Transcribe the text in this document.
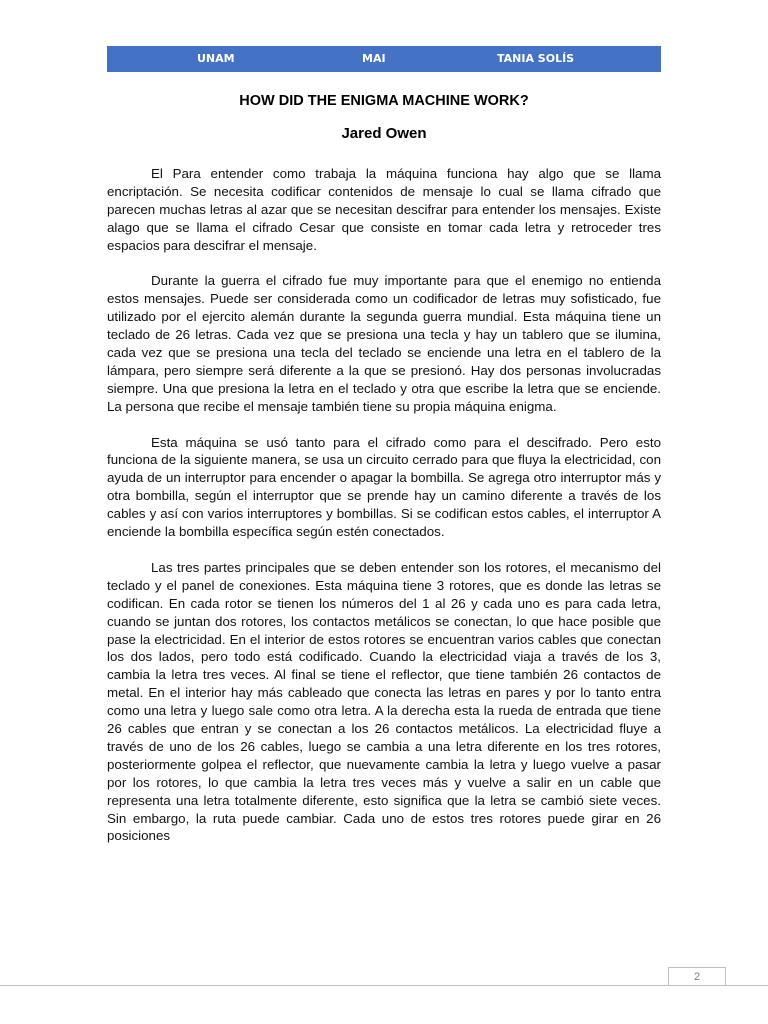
UNAM	MAI	TANIA SOLÍS
HOW DID THE ENIGMA MACHINE WORK?
Jared Owen

El Para entender como trabaja la máquina funciona hay algo que se llama encriptación. Se necesita codificar contenidos de mensaje lo cual se llama cifrado que parecen muchas letras al azar que se necesitan descifrar para entender los mensajes. Existe alago que se llama el cifrado Cesar que consiste en tomar cada letra y retroceder tres espacios para descifrar el mensaje.

Durante la guerra el cifrado fue muy importante para que el enemigo no entienda estos mensajes. Puede ser considerada como un codificador de letras muy sofisticado, fue utilizado por el ejercito alemán durante la segunda guerra mundial. Esta máquina tiene un teclado de 26 letras. Cada vez que se presiona una tecla y hay un tablero que se ilumina, cada vez que se presiona una tecla del teclado se enciende una letra en el tablero de la lámpara, pero siempre será diferente a la que se presionó. Hay dos personas involucradas siempre. Una que presiona la letra en el teclado y otra que escribe la letra que se enciende. La persona que recibe el mensaje también tiene su propia máquina enigma.

Esta máquina se usó tanto para el cifrado como para el descifrado. Pero esto funciona de la siguiente manera, se usa un circuito cerrado para que fluya la electricidad, con ayuda de un interruptor para encender o apagar la bombilla. Se agrega otro interruptor más y otra bombilla, según el interruptor que se prende hay un camino diferente a través de los cables y así con varios interruptores y bombillas. Si se codifican estos cables, el interruptor A enciende la bombilla específica según estén conectados.

Las tres partes principales que se deben entender son los rotores, el mecanismo del teclado y el panel de conexiones. Esta máquina tiene 3 rotores, que es donde las letras se codifican. En cada rotor se tienen los números del 1 al 26 y cada uno es para cada letra, cuando se juntan dos rotores, los contactos metálicos se conectan, lo que hace posible que pase la electricidad. En el interior de estos rotores se encuentran varios cables que conectan los dos lados, pero todo está codificado. Cuando la electricidad viaja a través de los 3, cambia la letra tres veces. Al final se tiene el reflector, que tiene también 26 contactos de metal. En el interior hay más cableado que conecta las letras en pares y por lo tanto entra como una letra y luego sale como otra letra. A la derecha esta la rueda de entrada que tiene 26 cables que entran y se conectan a los 26 contactos metálicos. La electricidad fluye a través de uno de los 26 cables, luego se cambia a una letra diferente en los tres rotores, posteriormente golpea el reflector, que nuevamente cambia la letra y luego vuelve a pasar por los rotores, lo que cambia la letra tres veces más y vuelve a salir en un cable que representa una letra totalmente diferente, esto significa que la letra se cambió siete veces. Sin embargo, la ruta puede cambiar. Cada uno de estos tres rotores puede girar en 26 posiciones

2
